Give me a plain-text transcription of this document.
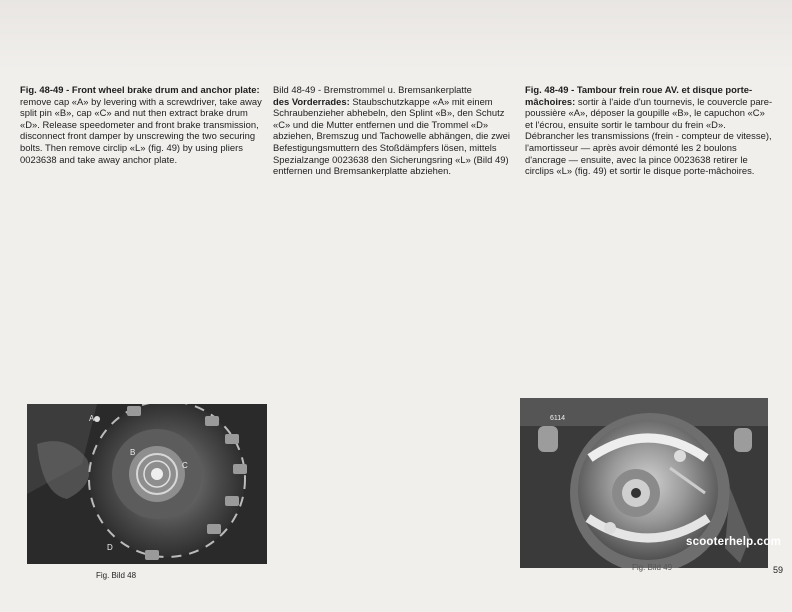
Fig. 48-49 - Front wheel brake drum and anchor plate: remove cap «A» by levering with a screwdriver, take away split pin «B», cap «C» and nut then extract brake drum «D». Release speedometer and front brake transmission, disconnect front damper by unscrewing the two securing bolts. Then remove circlip «L» (fig. 49) by using pliers 0023638 and take away anchor plate.
Bild 48-49 - Bremstrommel u. Bremsankerplatte
des Vorderrades: Staubschutzkappe «A» mit einem Schraubenzieher abhebeln, den Splint «B», den Schutz «C» und die Mutter entfernen und die Trommel «D» abziehen, Bremszug und Tachowelle abhängen, die zwei Befestigungsmuttern des Stoßdämpfers lösen, mittels Spezialzange 0023638 den Sicherungsring «L» (Bild 49) entfernen und Bremsankerplatte abziehen.
Fig. 48-49 - Tambour frein roue AV. et disque porte-mâchoires: sortir à l'aide d'un tournevis, le couvercle pare-poussière «A», déposer la goupille «B», le capuchon «C» et l'écrou, ensuite sortir le tambour du frein «D». Débrancher les transmissions (frein - compteur de vitesse), l'amortisseur — après avoir démonté les 2 boulons d'ancrage — ensuite, avec la pince 0023638 retirer le circlips «L» (fig. 49) et sortir le disque porte-mâchoires.
A
B
C
D
Fig. Bild 48
6114
Fig. Bild 49
scooterhelp.com
59
